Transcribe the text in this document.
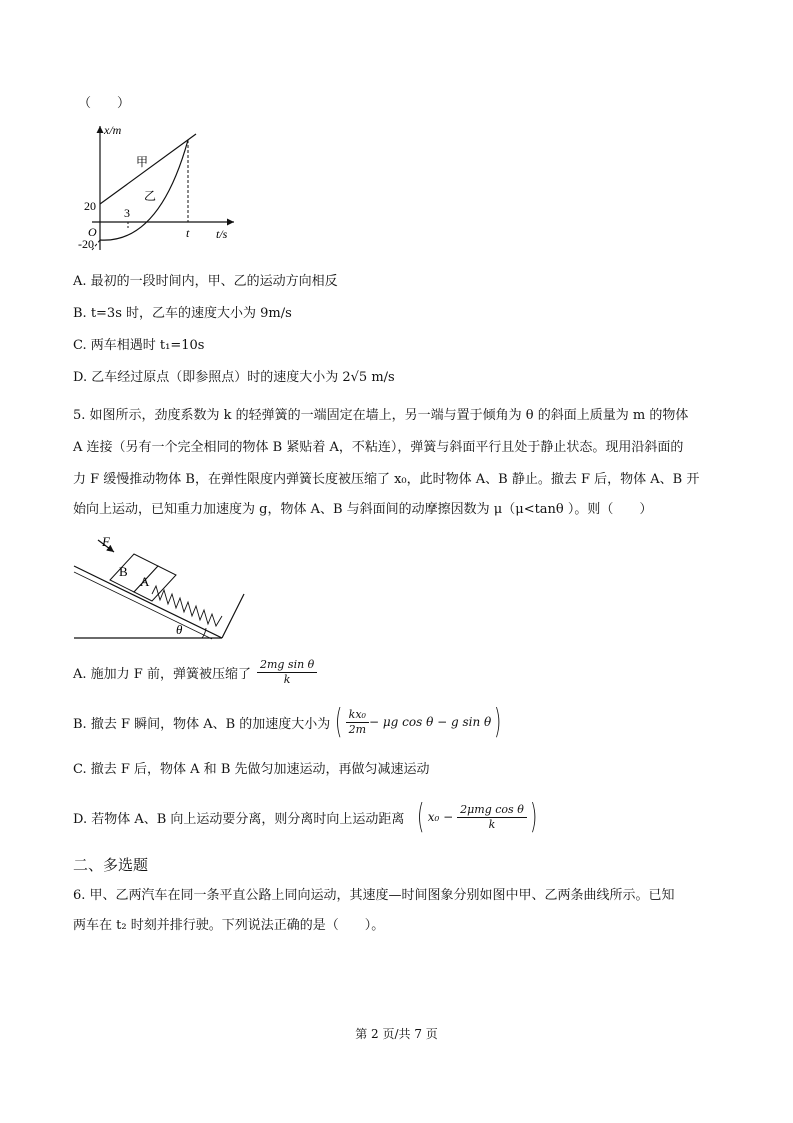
（　　）
x/m
t/s
甲
乙
20
-20
3
O	t
A. 最初的一段时间内，甲、乙的运动方向相反
B. t=3s 时，乙车的速度大小为 9m/s
C. 两车相遇时 t₁=10s
D. 乙车经过原点（即参照点）时的速度大小为 2√5 m/s
5. 如图所示，劲度系数为 k 的轻弹簧的一端固定在墙上，另一端与置于倾角为 θ 的斜面上质量为 m 的物体
A 连接（另有一个完全相同的物体 B 紧贴着 A，不粘连），弹簧与斜面平行且处于静止状态。现用沿斜面的
力 F 缓慢推动物体 B，在弹性限度内弹簧长度被压缩了 x₀，此时物体 A、B 静止。撤去 F 后，物体 A、B 开
始向上运动，已知重力加速度为 g，物体 A、B 与斜面间的动摩擦因数为 μ（μ<tanθ ）。则（　　）
F
B
A
θ
A. 施加力 F 前，弹簧被压缩了 $\frac{\text{2mg sin θ}}{k}$
B. 撤去 F 瞬间，物体 A、B 的加速度大小为 ( $\frac{\text{kx₀}}{2m} - \mu g$ cos θ − g sin θ )
C. 撤去 F 后，物体 A 和 B 先做匀加速运动，再做匀减速运动
D. 若物体 A、B 向上运动要分离，则分离时向上运动距离 ( $x_0 - \frac{\text{2μmg cos θ}}{k}$ )
二、多选题
6. 甲、乙两汽车在同一条平直公路上同向运动，其速度—时间图象分别如图中甲、乙两条曲线所示。已知
两车在 t₂ 时刻并排行驶。下列说法正确的是（　　）。
第 2 页/共 7 页
